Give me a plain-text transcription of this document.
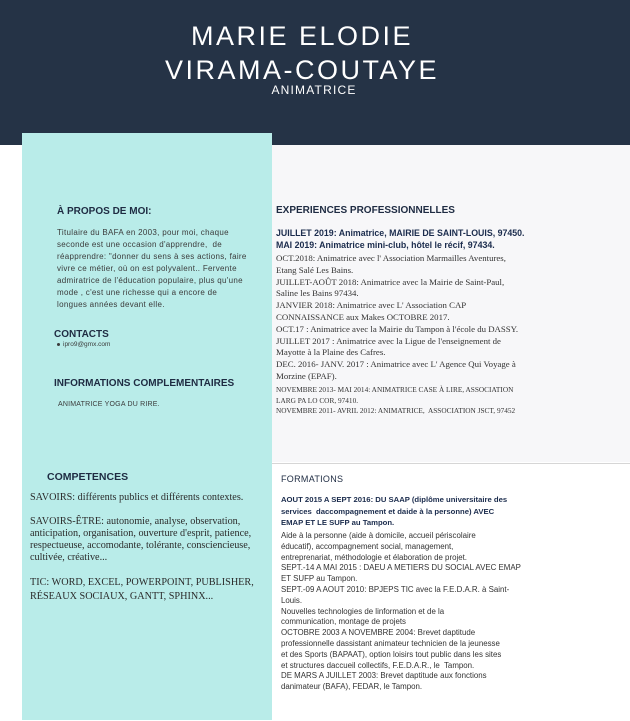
MARIE ELODIE
VIRAMA-COUTAYE
ANIMATRICE
À PROPOS DE MOI:
Titulaire du BAFA en 2003, pour moi, chaque
seconde est une occasion d'apprendre,  de
réapprendre: "donner du sens à ses actions, faire
vivre ce métier, où on est polyvalent.. Fervente
admiratrice de l'éducation populaire, plus qu'une
mode , c'est une richesse qui a encore de
longues années devant elle.
CONTACTS
ipro9@gmx.com
INFORMATIONS COMPLEMENTAIRES
ANIMATRICE YOGA DU RIRE.
COMPETENCES
SAVOIRS: différents publics et différents contextes.
SAVOIRS-ÊTRE: autonomie, analyse, observation,
anticipation, organisation, ouverture d'esprit, patience,
respectueuse, accomodante, tolérante, consciencieuse,
cultivée, créative...
TIC: WORD, EXCEL, POWERPOINT, PUBLISHER,
RÉSEAUX SOCIAUX, GANTT, SPHINX...
EXPERIENCES PROFESSIONNELLES
JUILLET 2019: Animatrice, MAIRIE DE SAINT-LOUIS, 97450.
MAI 2019: Animatrice mini-club, hôtel le récif, 97434.
OCT.2018: Animatrice avec l' Association Marmailles Aventures,
Etang Salé Les Bains.
JUILLET-AOÛT 2018: Animatrice avec la Mairie de Saint-Paul,
Saline les Bains 97434.
JANVIER 2018: Animatrice avec L' Association CAP
CONNAISSANCE aux Makes OCTOBRE 2017.
OCT.17 : Animatrice avec la Mairie du Tampon à l'école du DASSY.
JUILLET 2017 : Animatrice avec la Ligue de l'enseignement de
Mayotte à la Plaine des Cafres.
DEC. 2016- JANV. 2017 : Animatrice avec L' Agence Qui Voyage à
Morzine (EPAF).
NOVEMBRE 2013- MAI 2014: ANIMATRICE CASE À LIRE, ASSOCIATION
LARG PA LO COR, 97410.
NOVEMBRE 2011- AVRIL 2012: ANIMATRICE,  ASSOCIATION JSCT, 97452
FORMATIONS
AOUT 2015 A SEPT 2016: DU SAAP (diplôme universitaire des
services  daccompagnement et daide à la personne) AVEC
EMAP ET LE SUFP au Tampon.
Aide à la personne (aide à domicile, accueil périscolaire
éducatif), accompagnement social, management,
entreprenariat, méthodologie et élaboration de projet.
SEPT.-14 A MAI 2015 : DAEU A METIERS DU SOCIAL AVEC EMAP
ET SUFP au Tampon.
SEPT.-09 A AOUT 2010: BPJEPS TIC avec la F.E.D.A.R. à Saint-
Louis.
Nouvelles technologies de linformation et de la
communication, montage de projets
OCTOBRE 2003 A NOVEMBRE 2004: Brevet daptitude
professionnelle dassistant animateur technicien de la jeunesse
et des Sports (BAPAAT), option loisirs tout public dans les sites
et structures daccueil collectifs, F.E.D.A.R., le  Tampon.
DE MARS A JUILLET 2003: Brevet daptitude aux fonctions
danimateur (BAFA), FEDAR, le Tampon.
